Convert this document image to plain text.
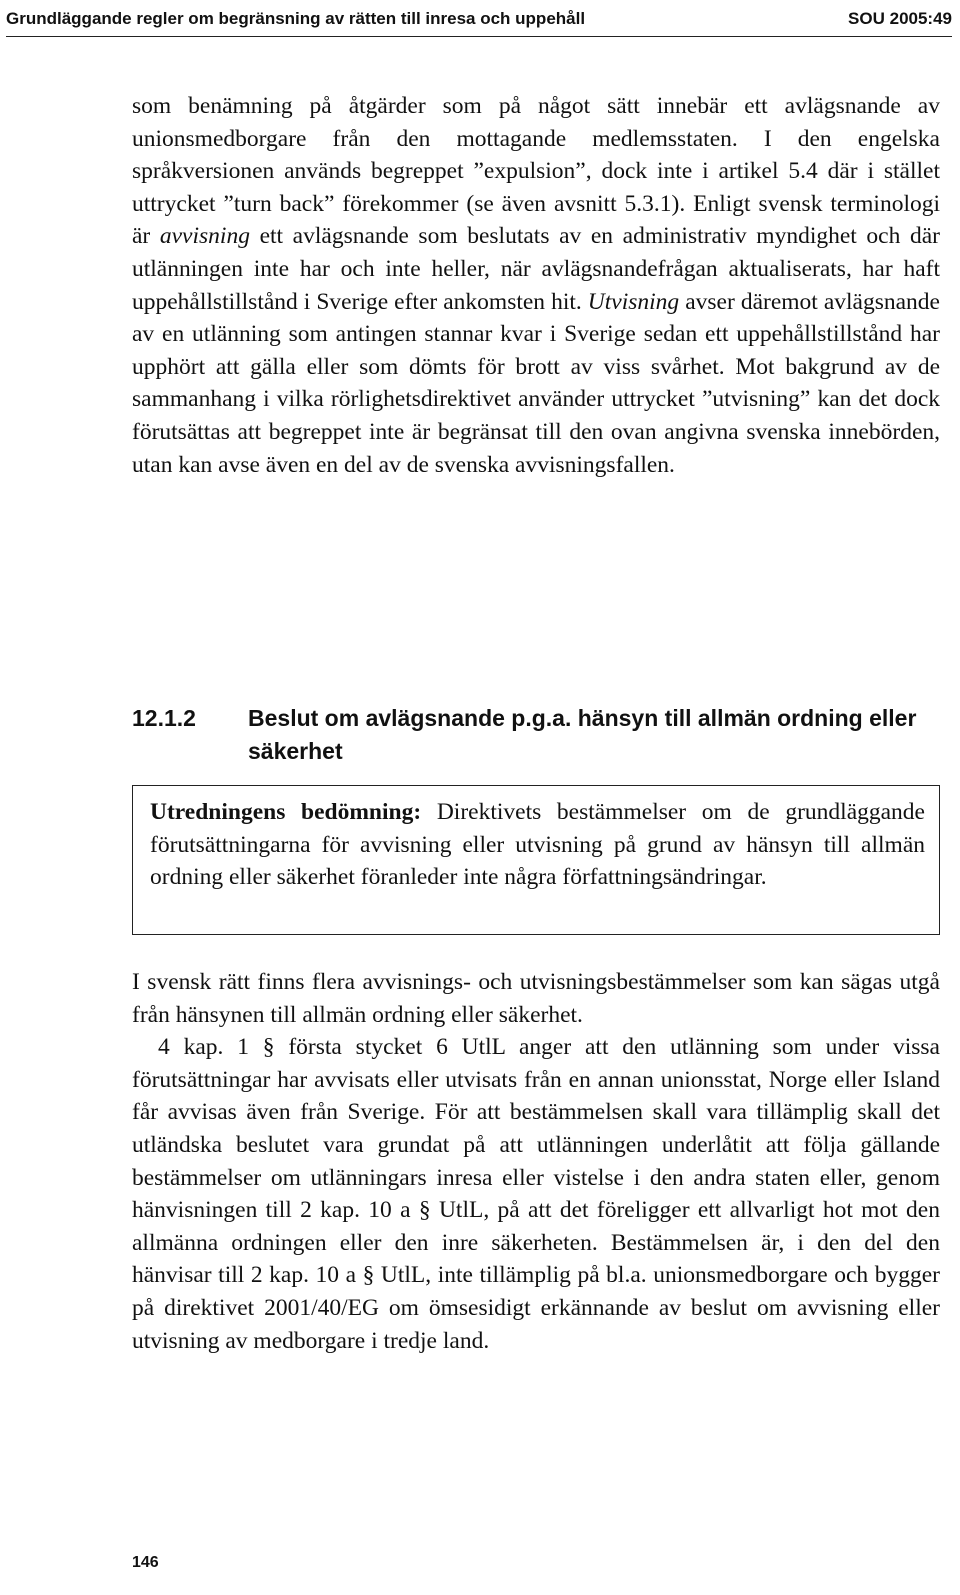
Grundläggande regler om begränsning av rätten till inresa och uppehåll	SOU 2005:49

som benämning på åtgärder som på något sätt innebär ett avlägsnande av unionsmedborgare från den mottagande medlemsstaten. I den engelska språkversionen används begreppet ”expulsion”, dock inte i artikel 5.4 där i stället uttrycket ”turn back” förekommer (se även avsnitt 5.3.1). Enligt svensk terminologi är avvisning ett avlägsnande som beslutats av en administrativ myndighet och där utlänningen inte har och inte heller, när avlägsnandefrågan aktualiserats, har haft uppehållstillstånd i Sverige efter ankomsten hit. Utvisning avser däremot avlägsnande av en utlänning som antingen stannar kvar i Sverige sedan ett uppehållstillstånd har upphört att gälla eller som dömts för brott av viss svårhet. Mot bakgrund av de sammanhang i vilka rörlighetsdirektivet använder uttrycket ”utvisning” kan det dock förutsättas att begreppet inte är begränsat till den ovan angivna svenska innebörden, utan kan avse även en del av de svenska avvisningsfallen.

12.1.2 Beslut om avlägsnande p.g.a. hänsyn till allmän ordning eller säkerhet
Utredningens bedömning: Direktivets bestämmelser om de grundläggande förutsättningarna för avvisning eller utvisning på grund av hänsyn till allmän ordning eller säkerhet föranleder inte några författningsändringar.

I svensk rätt finns flera avvisnings- och utvisningsbestämmelser som kan sägas utgå från hänsynen till allmän ordning eller säkerhet.

4 kap. 1 § första stycket 6 UtlL anger att den utlänning som under vissa förutsättningar har avvisats eller utvisats från en annan unionsstat, Norge eller Island får avvisas även från Sverige. För att bestämmelsen skall vara tillämplig skall det utländska beslutet vara grundat på att utlänningen underlåtit att följa gällande bestämmelser om utlänningars inresa eller vistelse i den andra staten eller, genom hänvisningen till 2 kap. 10 a § UtlL, på att det föreligger ett allvarligt hot mot den allmänna ordningen eller den inre säkerheten. Bestämmelsen är, i den del den hänvisar till 2 kap. 10 a § UtlL, inte tillämplig på bl.a. unionsmedborgare och bygger på direktivet 2001/40/EG om ömsesidigt erkännande av beslut om avvisning eller utvisning av medborgare i tredje land.

146
